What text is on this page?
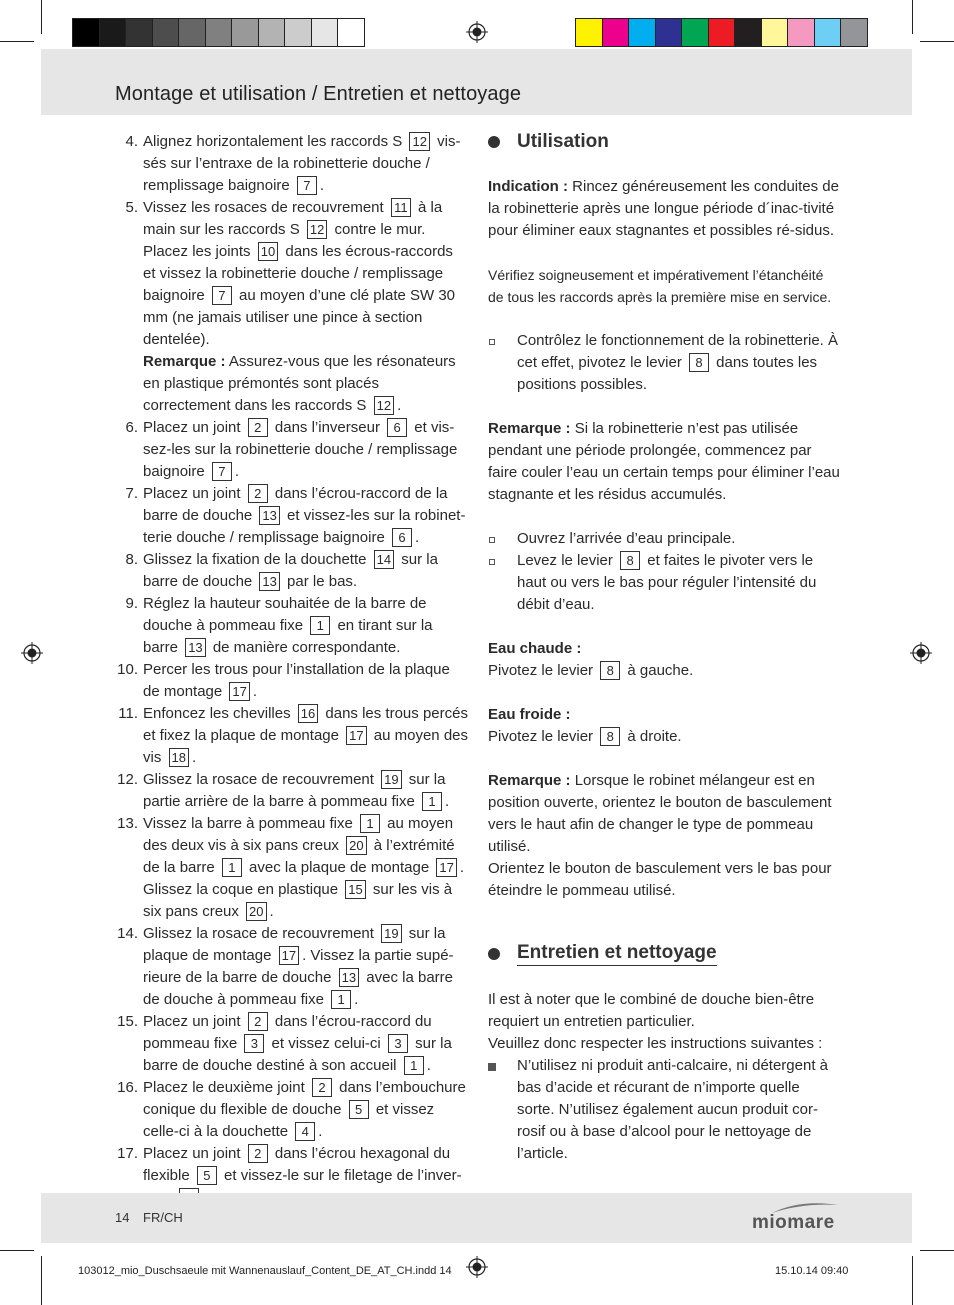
Montage et utilisation / Entretien et nettoyage
4. Alignez horizontalement les raccords S 12 vis-sés sur l’entraxe de la robinetterie douche / remplissage baignoire 7 .
5. Vissez les rosaces de recouvrement 11 à la main sur les raccords S 12 contre le mur. Placez les joints 10 dans les écrous-raccords et vissez la robinetterie douche / remplissage baignoire 7 au moyen d’une clé plate SW 30 mm (ne jamais utiliser une pince à section dentelée).
Remarque : Assurez-vous que les résonateurs en plastique prémontés sont placés correctement dans les raccords S 12 .
6. Placez un joint 2 dans l’inverseur 6 et vis-sez-les sur la robinetterie douche / remplissage baignoire 7 .
7. Placez un joint 2 dans l’écrou-raccord de la barre de douche 13 et vissez-les sur la robinet-terie douche / remplissage baignoire 6 .
8. Glissez la fixation de la douchette 14 sur la barre de douche 13 par le bas.
9. Réglez la hauteur souhaitée de la barre de douche à pommeau fixe 1 en tirant sur la barre 13 de manière correspondante.
10. Percer les trous pour l’installation de la plaque de montage 17 .
11. Enfoncez les chevilles 16 dans les trous percés et fixez la plaque de montage 17 au moyen des vis 18 .
12. Glissez la rosace de recouvrement 19 sur la partie arrière de la barre à pommeau fixe 1 .
13. Vissez la barre à pommeau fixe 1 au moyen des deux vis à six pans creux 20 à l’extrémité de la barre 1 avec la plaque de montage 17 . Glissez la coque en plastique 15 sur les vis à six pans creux 20 .
14. Glissez la rosace de recouvrement 19 sur la plaque de montage 17 . Vissez la partie supé-rieure de la barre de douche 13 avec la barre de douche à pommeau fixe 1 .
15. Placez un joint 2 dans l’écrou-raccord du pommeau fixe 3 et vissez celui-ci 3 sur la barre de douche destiné à son accueil 1 .
16. Placez le deuxième joint 2 dans l’embouchure conique du flexible de douche 5 et vissez celle-ci à la douchette 4 .
17. Placez un joint 2 dans l’écrou hexagonal du flexible 5 et vissez-le sur le filetage de l’inver-
Utilisation

Indication : Rincez généreusement les conduites de la robinetterie après une longue période d´inac-tivité pour éliminer eaux stagnantes et possibles ré-sidus.

Vérifiez soigneusement et impérativement l’étanchéité de tous les raccords après la première mise en service.

Contrôlez le fonctionnement de la robinetterie. À cet effet, pivotez le levier 8 dans toutes les positions possibles.

Remarque : Si la robinetterie n’est pas utilisée pendant une période prolongée, commencez par faire couler l’eau un certain temps pour éliminer l’eau stagnante et les résidus accumulés.

Ouvrez l’arrivée d’eau principale.
Levez le levier 8 et faites le pivoter vers le haut ou vers le bas pour réguler l’intensité du débit d’eau.

Eau chaude :

Pivotez le levier 8 à gauche.

Eau froide :

Pivotez le levier 8 à droite.

Remarque : Lorsque le robinet mélangeur est en position ouverte, orientez le bouton de basculement vers le haut afin de changer le type de pommeau utilisé.

Orientez le bouton de basculement vers le bas pour éteindre le pommeau utilisé.

Entretien et nettoyage

Il est à noter que le combiné de douche bien-être requiert un entretien particulier.

Veuillez donc respecter les instructions suivantes :

N’utilisez ni produit anti-calcaire, ni détergent à bas d’acide et récurant de n’importe quelle sorte. N’utilisez également aucun produit cor-rosif ou à base d’alcool pour le nettoyage de l’article.
14 FR/CH	miomare
103012_mio_Duschsaeule mit Wannenauslauf_Content_DE_AT_CH.indd 14	15.10.14 09:40
